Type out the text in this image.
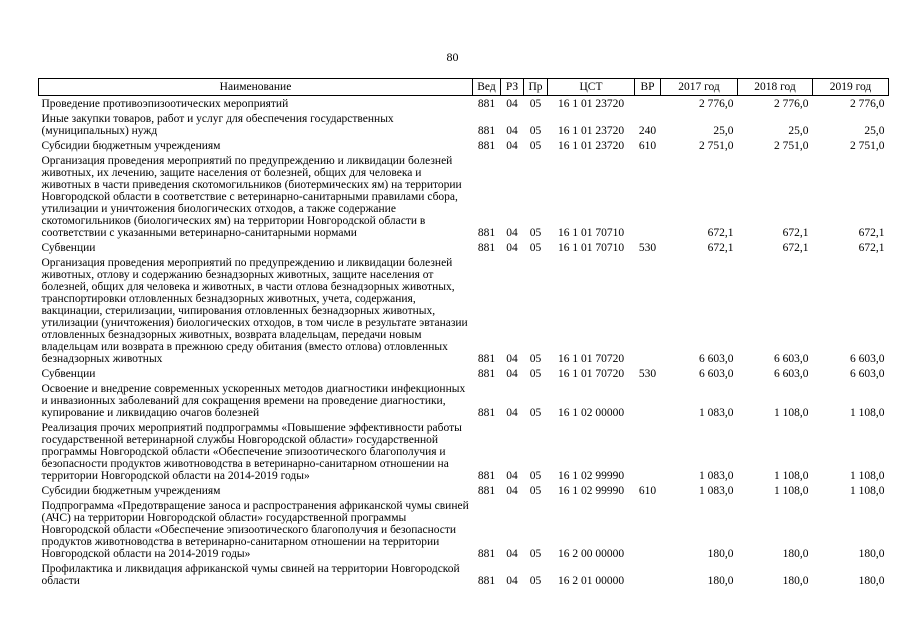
80
Наименование	Вед	РЗ	Пр	ЦСТ	ВР	2017 год	2018 год	2019 год
Проведение противоэпизоотических мероприятий	881	04	05	16 1 01 23720		2 776,0	2 776,0	2 776,0
Иные закупки товаров, работ и услуг для обеспечения государственных (муниципальных) нужд	881	04	05	16 1 01 23720	240	25,0	25,0	25,0
Субсидии бюджетным учреждениям	881	04	05	16 1 01 23720	610	2 751,0	2 751,0	2 751,0
Организация проведения мероприятий по предупреждению и ликвидации болезней животных, их лечению, защите населения от болезней, общих для человека и животных в части приведения скотомогильников (биотермических ям) на территории Новгородской области в соответствие с ветеринарно-санитарными правилами сбора, утилизации и уничтожения биологических отходов, а также содержание скотомогильников (биологических ям) на территории Новгородской области в соответствии с указанными ветеринарно-санитарными нормами	881	04	05	16 1 01 70710		672,1	672,1	672,1
Субвенции	881	04	05	16 1 01 70710	530	672,1	672,1	672,1
Организация проведения мероприятий по предупреждению и ликвидации болезней животных, отлову и содержанию безнадзорных животных, защите населения от болезней, общих для человека и животных, в части отлова безнадзорных животных, транспортировки отловленных безнадзорных животных, учета, содержания, вакцинации, стерилизации, чипирования отловленных безнадзорных животных, утилизации (уничтожения) биологических отходов, в том числе в результате эвтаназии отловленных безнадзорных животных, возврата владельцам, передачи новым владельцам или возврата в прежнюю среду обитания (вместо отлова) отловленных безнадзорных животных	881	04	05	16 1 01 70720		6 603,0	6 603,0	6 603,0
Субвенции	881	04	05	16 1 01 70720	530	6 603,0	6 603,0	6 603,0
Освоение и внедрение современных ускоренных методов диагностики инфекционных и инвазионных заболеваний для сокращения времени на проведение диагностики, купирование и ликвидацию очагов болезней	881	04	05	16 1 02 00000		1 083,0	1 108,0	1 108,0
Реализация прочих мероприятий подпрограммы «Повышение эффективности работы государственной ветеринарной службы Новгородской области» государственной программы Новгородской области «Обеспечение эпизоотического благополучия и безопасности продуктов животноводства в ветеринарно-санитарном отношении на территории Новгородской области на 2014-2019 годы»	881	04	05	16 1 02 99990		1 083,0	1 108,0	1 108,0
Субсидии бюджетным учреждениям	881	04	05	16 1 02 99990	610	1 083,0	1 108,0	1 108,0
Подпрограмма «Предотвращение заноса и распространения африканской чумы свиней (АЧС) на территории Новгородской области» государственной программы Новгородской области «Обеспечение эпизоотического благополучия и безопасности продуктов животноводства в ветеринарно-санитарном отношении на территории Новгородской области на 2014-2019 годы»	881	04	05	16 2 00 00000		180,0	180,0	180,0
Профилактика и ликвидация африканской чумы свиней на территории Новгородской области	881	04	05	16 2 01 00000		180,0	180,0	180,0
